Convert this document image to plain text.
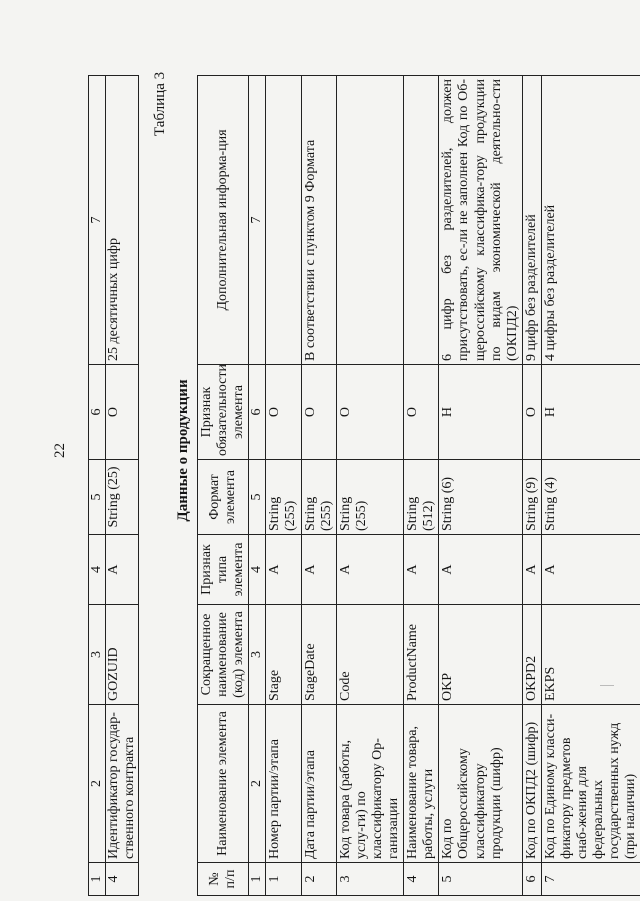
22
1	2	3	4	5	6	7
4	Идентификатор государ-ственного контракта	GOZUID	А	String (25)	О	25 десятичных цифр
Таблица 3
Данные о продукции
№ п/п	Наименование элемента	Сокращенное наименование (код) элемента	Признак типа элемента	Формат элемента	Признак обязательности элемента	Дополнительная информа-ция
1	2	3	4	5	6	7
1	Номер партии/этапа	Stage	А	String (255)	О	
2	Дата партии/этапа	StageDate	А	String (255)	О	В соответствии с пунктом 9 Формата
3	Код товара (работы, услу-ги) по классификатору Ор-ганизации	Code	А	String (255)	О	
4	Наименование товара, работы, услуги	ProductName	А	String (512)	О	
5	Код по Общероссийскому классификатору продукции (шифр)	OKP	А	String (6)	Н	6 цифр без разделителей, должен присутствовать, ес-ли не заполнен Код по Об-щероссийскому классифика-тору продукции по видам экономической деятельно-сти (ОКПД2)
6	Код по ОКПД2 (шифр)	OKPD2	А	String (9)	О	9 цифр без разделителей
7	Код по Единому класси-фикатору предметов снаб-жения для федеральных государственных нужд (при наличии)	EKPS	А	String (4)	Н	4 цифры без разделителей
